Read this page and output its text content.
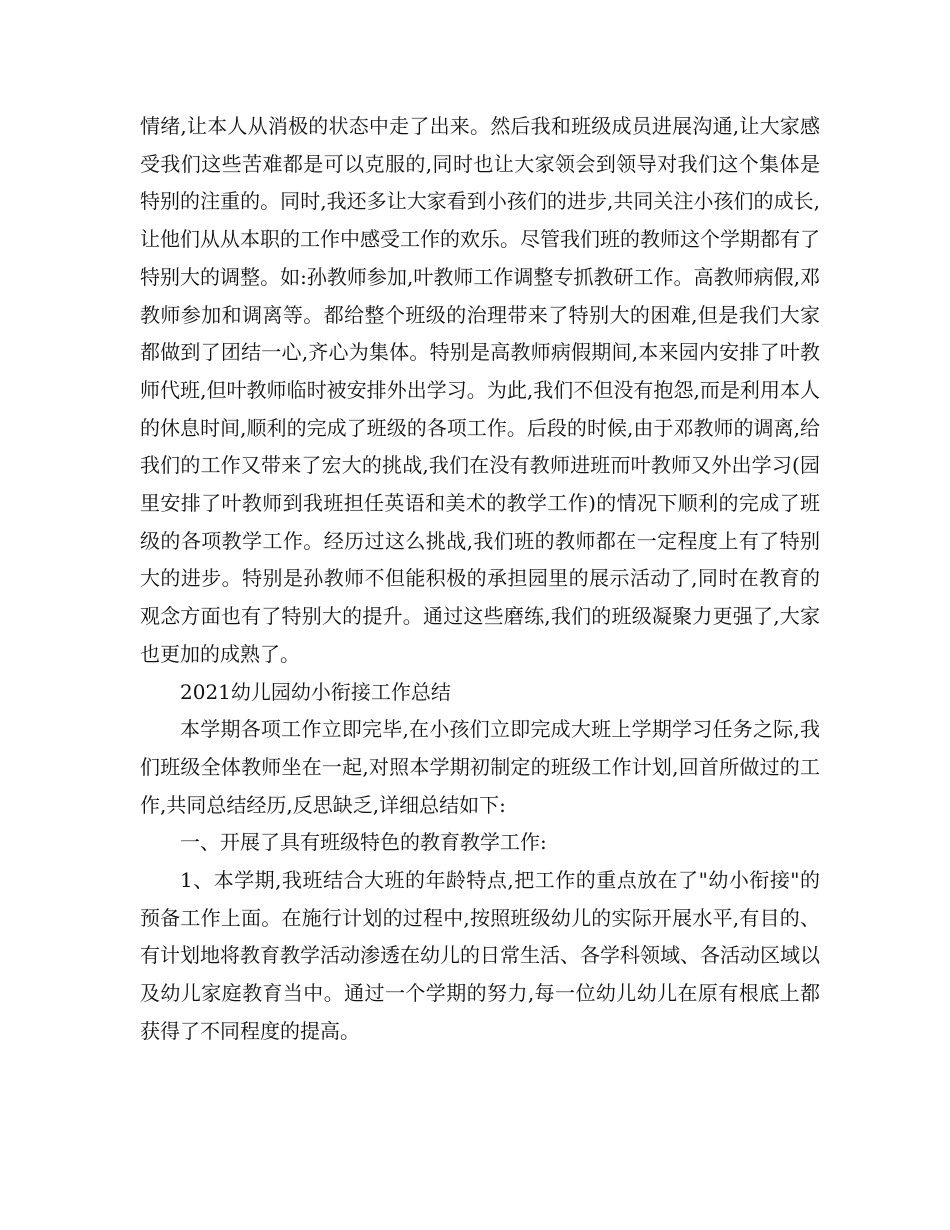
情绪,让本人从消极的状态中走了出来。然后我和班级成员进展沟通,让大家感受我们这些苦难都是可以克服的,同时也让大家领会到领导对我们这个集体是特别的注重的。同时,我还多让大家看到小孩们的进步,共同关注小孩们的成长,让他们从从本职的工作中感受工作的欢乐。尽管我们班的教师这个学期都有了特别大的调整。如:孙教师参加,叶教师工作调整专抓教研工作。高教师病假,邓教师参加和调离等。都给整个班级的治理带来了特别大的困难,但是我们大家都做到了团结一心,齐心为集体。特别是高教师病假期间,本来园内安排了叶教师代班,但叶教师临时被安排外出学习。为此,我们不但没有抱怨,而是利用本人的休息时间,顺利的完成了班级的各项工作。后段的时候,由于邓教师的调离,给我们的工作又带来了宏大的挑战,我们在没有教师进班而叶教师又外出学习(园里安排了叶教师到我班担任英语和美术的教学工作)的情况下顺利的完成了班级的各项教学工作。经历过这么挑战,我们班的教师都在一定程度上有了特别大的进步。特别是孙教师不但能积极的承担园里的展示活动了,同时在教育的观念方面也有了特别大的提升。通过这些磨练,我们的班级凝聚力更强了,大家也更加的成熟了。

2021幼儿园幼小衔接工作总结

本学期各项工作立即完毕,在小孩们立即完成大班上学期学习任务之际,我们班级全体教师坐在一起,对照本学期初制定的班级工作计划,回首所做过的工作,共同总结经历,反思缺乏,详细总结如下:

一、开展了具有班级特色的教育教学工作:

1、本学期,我班结合大班的年龄特点,把工作的重点放在了"幼小衔接"的预备工作上面。在施行计划的过程中,按照班级幼儿的实际开展水平,有目的、有计划地将教育教学活动渗透在幼儿的日常生活、各学科领域、各活动区域以及幼儿家庭教育当中。通过一个学期的努力,每一位幼儿幼儿在原有根底上都获得了不同程度的提高。
